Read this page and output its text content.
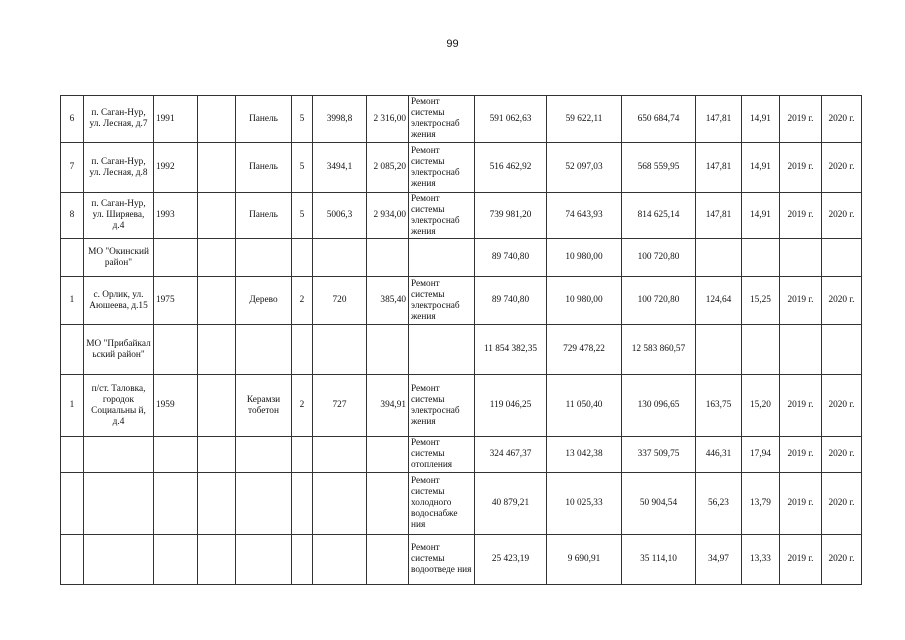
99
6	п. Саган-Нур, ул. Лесная, д.7	1991		Панель	5	3998,8	2 316,00	Ремонт системы электроснаб жения	591 062,63	59 622,11	650 684,74	147,81	14,91	2019 г.	2020 г.
7	п. Саган-Нур, ул. Лесная, д.8	1992		Панель	5	3494,1	2 085,20	Ремонт системы электроснаб жения	516 462,92	52 097,03	568 559,95	147,81	14,91	2019 г.	2020 г.
8	п. Саган-Нур, ул. Ширяева, д.4	1993		Панель	5	5006,3	2 934,00	Ремонт системы электроснаб жения	739 981,20	74 643,93	814 625,14	147,81	14,91	2019 г.	2020 г.
	МО "Окинский район"								89 740,80	10 980,00	100 720,80				
1	с. Орлик, ул. Аюшеева, д.15	1975		Дерево	2	720	385,40	Ремонт системы электроснаб жения	89 740,80	10 980,00	100 720,80	124,64	15,25	2019 г.	2020 г.
	МО "Прибайкал ьский район"								11 854 382,35	729 478,22	12 583 860,57				
1	п/ст. Таловка, городок Социальны й, д.4	1959		Керамзи тобетон	2	727	394,91	Ремонт системы электроснаб жения	119 046,25	11 050,40	130 096,65	163,75	15,20	2019 г.	2020 г.
								Ремонт системы отопления	324 467,37	13 042,38	337 509,75	446,31	17,94	2019 г.	2020 г.
								Ремонт системы холодного водоснабже ния	40 879,21	10 025,33	50 904,54	56,23	13,79	2019 г.	2020 г.
								Ремонт системы водоотведе ния	25 423,19	9 690,91	35 114,10	34,97	13,33	2019 г.	2020 г.
